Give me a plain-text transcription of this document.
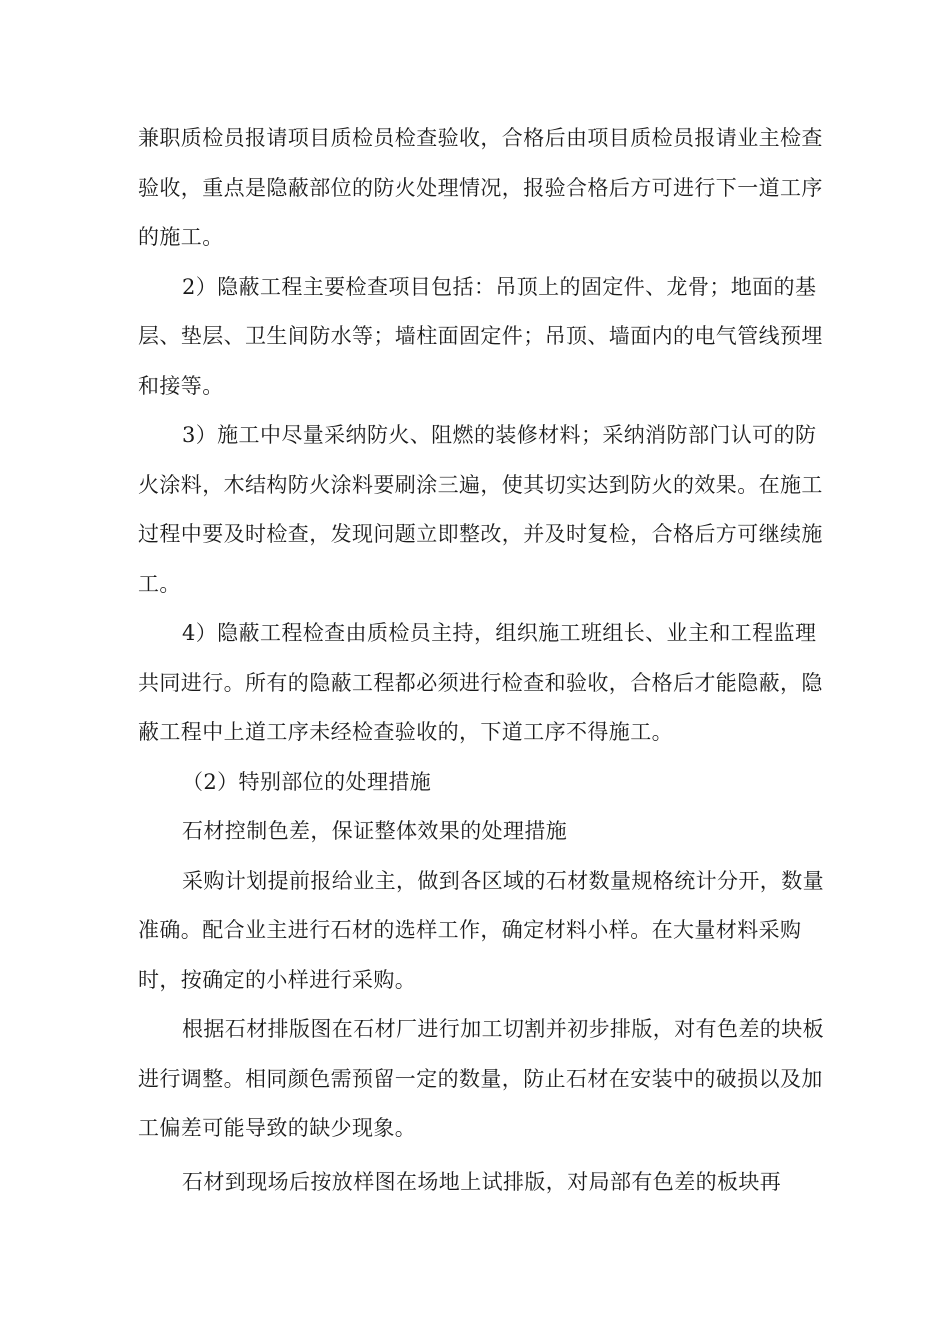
兼职质检员报请项目质检员检查验收，合格后由项目质检员报请业主检查
验收，重点是隐蔽部位的防火处理情况，报验合格后方可进行下一道工序
的施工。
2）隐蔽工程主要检查项目包括：吊顶上的固定件、龙骨；地面的基
层、垫层、卫生间防水等；墙柱面固定件；吊顶、墙面内的电气管线预埋
和接等。
3）施工中尽量采纳防火、阻燃的装修材料；采纳消防部门认可的防
火涂料，木结构防火涂料要刷涂三遍，使其切实达到防火的效果。在施工
过程中要及时检查，发现问题立即整改，并及时复检，合格后方可继续施
工。
4）隐蔽工程检查由质检员主持，组织施工班组长、业主和工程监理
共同进行。所有的隐蔽工程都必须进行检查和验收，合格后才能隐蔽，隐
蔽工程中上道工序未经检查验收的，下道工序不得施工。
（2）特别部位的处理措施
石材控制色差，保证整体效果的处理措施
采购计划提前报给业主，做到各区域的石材数量规格统计分开，数量
准确。配合业主进行石材的选样工作，确定材料小样。在大量材料采购
时，按确定的小样进行采购。
根据石材排版图在石材厂进行加工切割并初步排版，对有色差的块板
进行调整。相同颜色需预留一定的数量，防止石材在安装中的破损以及加
工偏差可能导致的缺少现象。
石材到现场后按放样图在场地上试排版，对局部有色差的板块再
